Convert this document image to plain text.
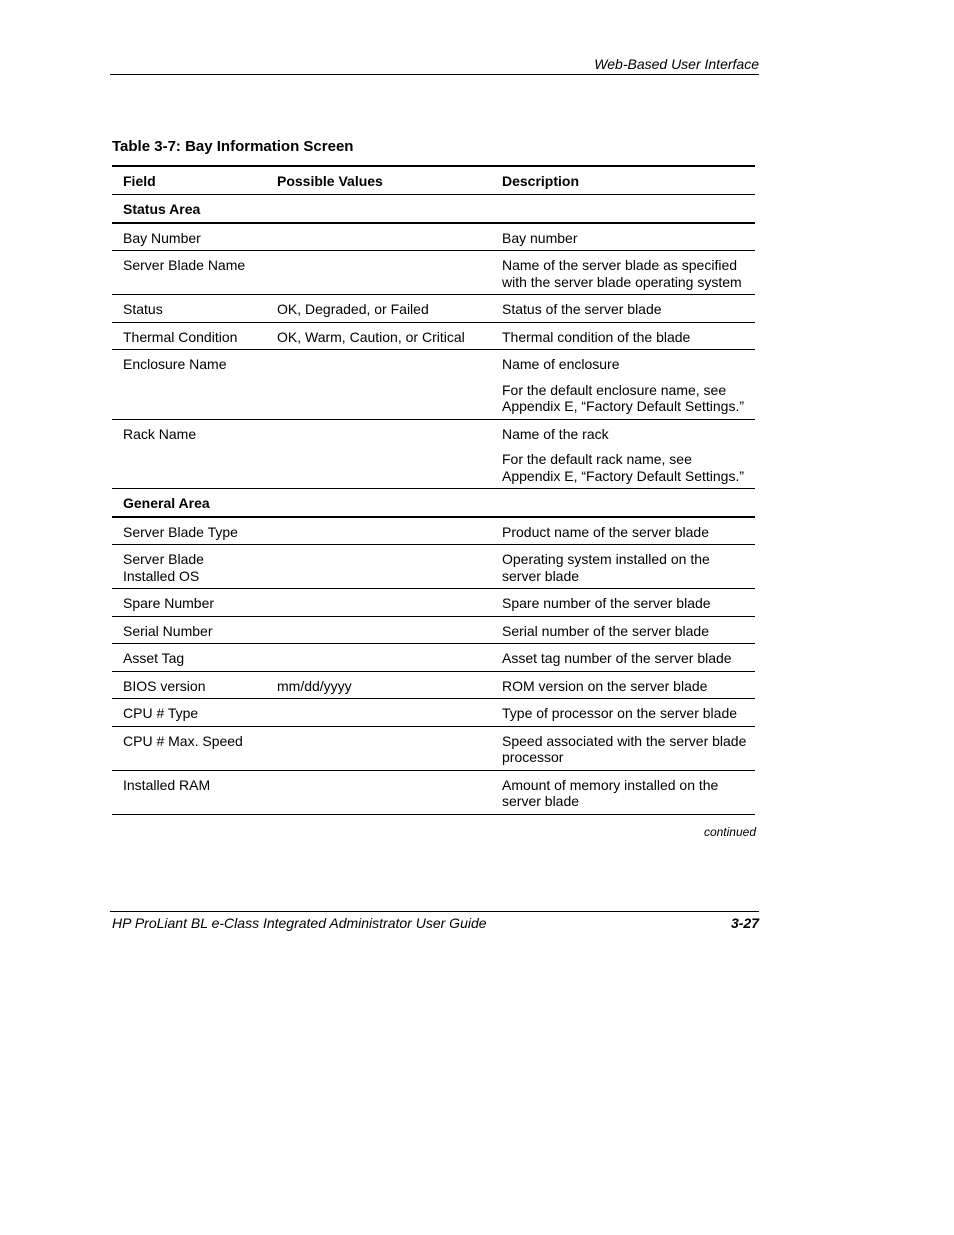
Web-Based User Interface
Table 3-7: Bay Information Screen
Field	Possible Values	Description
Status Area		
Bay Number		Bay number

Server Blade Name		Name of the server blade as specified with the server blade operating system

Status	OK, Degraded, or Failed	Status of the server blade

Thermal Condition	OK, Warm, Caution, or Critical	Thermal condition of the blade

Enclosure Name		Name of enclosure
For the default enclosure name, see Appendix E, “Factory Default Settings.”

Rack Name		Name of the rack
For the default rack name, see Appendix E, “Factory Default Settings.”

General Area		
Server Blade Type		Product name of the server blade

Server Blade Installed OS		Operating system installed on the server blade

Spare Number		Spare number of the server blade

Serial Number		Serial number of the server blade

Asset Tag		Asset tag number of the server blade

BIOS version	mm/dd/yyyy	ROM version on the server blade

CPU # Type		Type of processor on the server blade

CPU # Max. Speed		Speed associated with the server blade processor

Installed RAM		Amount of memory installed on the server blade
continued
HP ProLiant BL e-Class Integrated Administrator User Guide	3-27
